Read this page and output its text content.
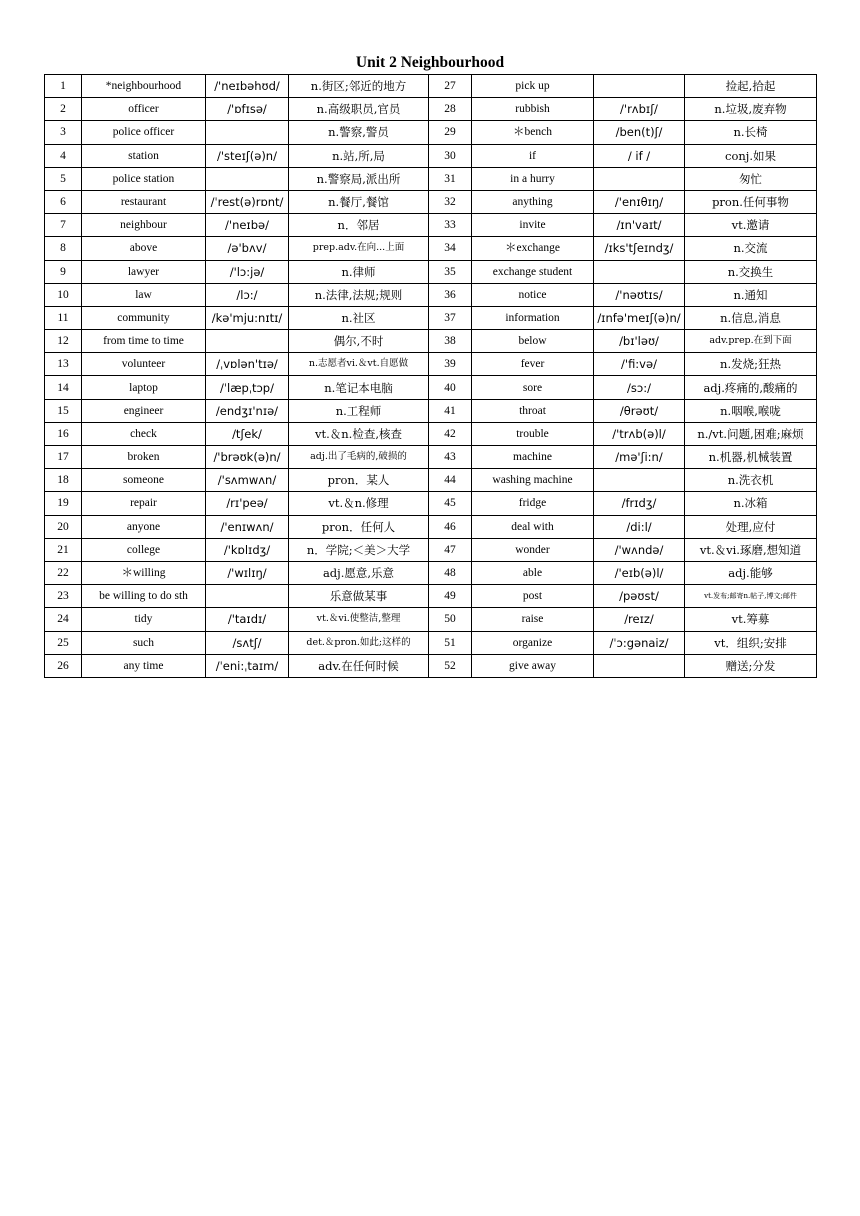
Unit 2 Neighbourhood
1	*neighbourhood	/'neɪbəhʊd/	n.街区;邻近的地方	27	pick up		捡起,拾起
2	officer	/'ɒfɪsə/	n.高级职员,官员	28	rubbish	/'rʌbɪʃ/	n.垃圾,废弃物
3	police officer		n.警察,警员	29	＊bench	/ben(t)ʃ/	n.长椅
4	station	/'steɪʃ(ə)n/	n.站,所,局	30	if	/ if /	conj.如果
5	police station		n.警察局,派出所	31	in a hurry		匆忙
6	restaurant	/ˈrest(ə)rɒnt/	n.餐厅,餐馆	32	anything	/'enɪθɪŋ/	pron.任何事物
7	neighbour	/'neɪbə/	n．邻居	33	invite	/ɪn'vaɪt/	vt.邀请
8	above	/ə'bʌv/	prep.adv.在向...上面	34	＊exchange	/ɪks'tʃeɪndʒ/	n.交流
9	lawyer	/'lɔ:jə/	n.律师	35	exchange student		n.交换生
10	law	/lɔ:/	n.法律,法规;规则	36	notice	/'nəʊtɪs/	n.通知
11	community	/kə'mju:nɪtɪ/	n.社区	37	information	/ɪnfə'meɪʃ(ə)n/	n.信息,消息
12	from time to time		偶尔,不时	38	below	/bɪ'ləʊ/	adv.prep.在到下面
13	volunteer	/ˌvɒlən'tɪə/	n.志愿者vi.＆vt.自愿做	39	fever	/'fi:və/	n.发烧;狂热
14	laptop	/ˈlæpˌtɔp/	n.笔记本电脑	40	sore	/sɔ:/	adj.疼痛的,酸痛的
15	engineer	/endʒɪ'nɪə/	n.工程师	41	throat	/θrəʊt/	n.咽喉,喉咙
16	check	/tʃek/	vt.＆n.检查,核查	42	trouble	/'trʌb(ə)l/	n./vt.问题,困难;麻烦
17	broken	/'brəʊk(ə)n/	adj.出了毛病的,破损的	43	machine	/mə'ʃi:n/	n.机器,机械装置
18	someone	/'sʌmwʌn/	pron．某人	44	washing machine		n.洗衣机
19	repair	/rɪ'peə/	vt.＆n.修理	45	fridge	/frɪdʒ/	n.冰箱
20	anyone	/'enɪwʌn/	pron．任何人	46	deal with	/di:l/	处理,应付
21	college	/'kɒlɪdʒ/	n．学院;＜美＞大学	47	wonder	/'wʌndə/	vt.＆vi.琢磨,想知道
22	＊willing	/'wɪlɪŋ/	adj.愿意,乐意	48	able	/'eɪb(ə)l/	adj.能够
23	be willing to do sth		乐意做某事	49	post	/pəʊst/	vt.发布;邮寄n.帖子,博文;邮件
24	tidy	/'taɪdɪ/	vt.＆vi.使整洁,整理	50	raise	/reɪz/	vt.筹募
25	such	/sʌtʃ/	det.＆pron.如此;这样的	51	organize	/ˈɔ:gənaiz/	vt．组织;安排
26	any time	/ˈeni:ˌtaɪm/	adv.在任何时候	52	give away		赠送;分发
